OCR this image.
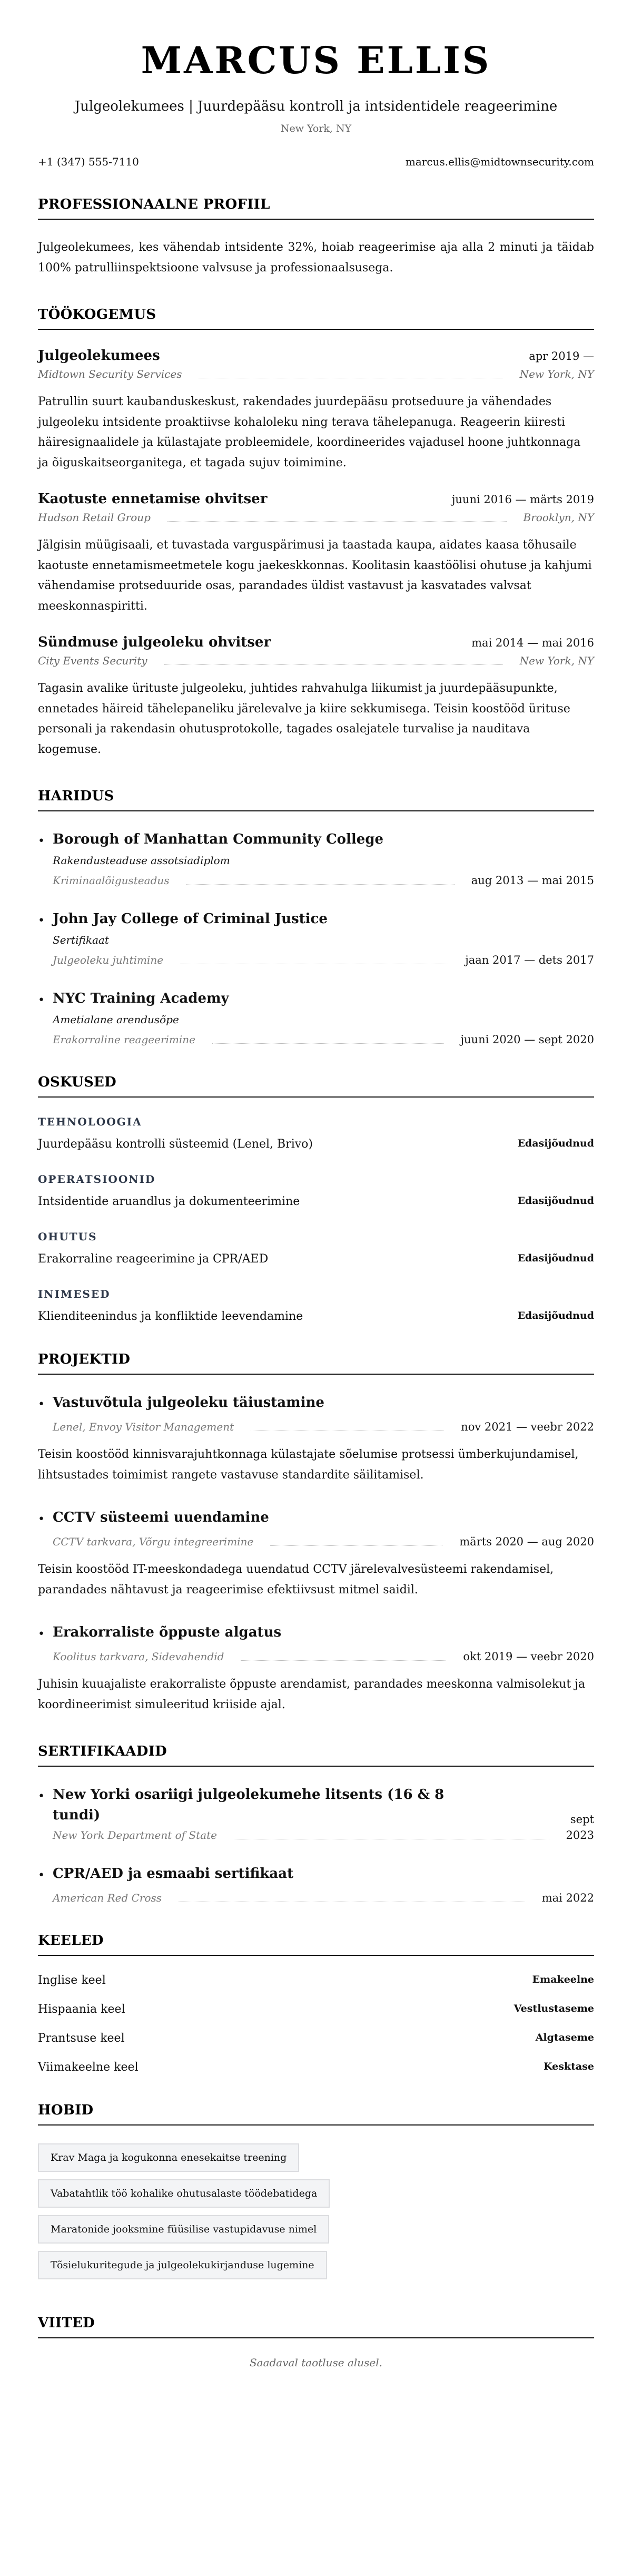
MARCUS ELLIS
Julgeolekumees | Juurdepääsu kontroll ja intsidentidele reageerimine
New York, NY
+1 (347) 555-7110	marcus.ellis@midtownsecurity.com
PROFESSIONAALNE PROFIIL

Julgeolekumees, kes vähendab intsidente 32%, hoiab reageerimise aja alla 2 minuti ja täidab 100% patrulliinspektsioone valvsuse ja professionaalsusega.

TÖÖKOGEMUS
Julgeolekumees	apr 2019 —
Midtown Security Services	New York, NY

Patrullin suurt kaubanduskeskust, rakendades juurdepääsu protseduure ja vähendades julgeoleku intsidente proaktiivse kohaloleku ning terava tähelepanuga. Reageerin kiiresti häiresignaalidele ja külastajate probleemidele, koordineerides vajadusel hoone juhtkonnaga ja õiguskaitseorganitega, et tagada sujuv toimimine.

Kaotuste ennetamise ohvitser	juuni 2016 — märts 2019
Hudson Retail Group	Brooklyn, NY

Jälgisin müügisaali, et tuvastada varguspärimusi ja taastada kaupa, aidates kaasa tõhusaile kaotuste ennetamismeetmetele kogu jaekeskkonnas. Koolitasin kaastöölisi ohutuse ja kahjumi vähendamise protseduuride osas, parandades üldist vastavust ja kasvatades valvsat meeskonnaspiritti.

Sündmuse julgeoleku ohvitser	mai 2014 — mai 2016
City Events Security	New York, NY

Tagasin avalike ürituste julgeoleku, juhtides rahvahulga liikumist ja juurdepääsupunkte, ennetades häireid tähelepaneliku järelevalve ja kiire sekkumisega. Teisin koostööd ürituse personali ja rakendasin ohutusprotokolle, tagades osalejatele turvalise ja nauditava kogemuse.

HARIDUS
• Borough of Manhattan Community College
Rakendusteaduse assotsiadiplom
Kriminaalõigusteadus	aug 2013 — mai 2015
• John Jay College of Criminal Justice
Sertifikaat
Julgeoleku juhtimine	jaan 2017 — dets 2017
• NYC Training Academy
Ametialane arendusõpe
Erakorraline reageerimine	juuni 2020 — sept 2020
OSKUSED
TEHNOLOOGIA
Juurdepääsu kontrolli süsteemid (Lenel, Brivo)	Edasijõudnud
OPERATSIOONID
Intsidentide aruandlus ja dokumenteerimine	Edasijõudnud
OHUTUS
Erakorraline reageerimine ja CPR/AED	Edasijõudnud
INIMESED
Klienditeenindus ja konfliktide leevendamine	Edasijõudnud
PROJEKTID
• Vastuvõtula julgeoleku täiustamine
Lenel, Envoy Visitor Management	nov 2021 — veebr 2022

Teisin koostööd kinnisvarajuhtkonnaga külastajate sõelumise protsessi ümberkujundamisel, lihtsustades toimimist rangete vastavuse standardite säilitamisel.

• CCTV süsteemi uuendamine
CCTV tarkvara, Võrgu integreerimine	märts 2020 — aug 2020

Teisin koostööd IT-meeskondadega uuendatud CCTV järelevalvesüsteemi rakendamisel, parandades nähtavust ja reageerimise efektiivsust mitmel saidil.

• Erakorraliste õppuste algatus
Koolitus tarkvara, Sidevahendid	okt 2019 — veebr 2020

Juhisin kuuajaliste erakorraliste õppuste arendamist, parandades meeskonna valmisolekut ja koordineerimist simuleeritud kriiside ajal.

SERTIFIKAADID
• New Yorki osariigi julgeolekumehe litsents (16 & 8 tundi)	sept
New York Department of State	2023
• CPR/AED ja esmaabi sertifikaat
American Red Cross	mai 2022
KEELED
Inglise keel	Emakeelne
Hispaania keel	Vestlustaseme
Prantsuse keel	Algtaseme
Viimakeelne keel	Kesktase
HOBID
Krav Maga ja kogukonna enesekaitse treening
Vabatahtlik töö kohalike ohutusalaste töödebatidega
Maratonide jooksmine füüsilise vastupidavuse nimel
Tõsielukuritegude ja julgeolekukirjanduse lugemine
VIITED

Saadaval taotluse alusel.
